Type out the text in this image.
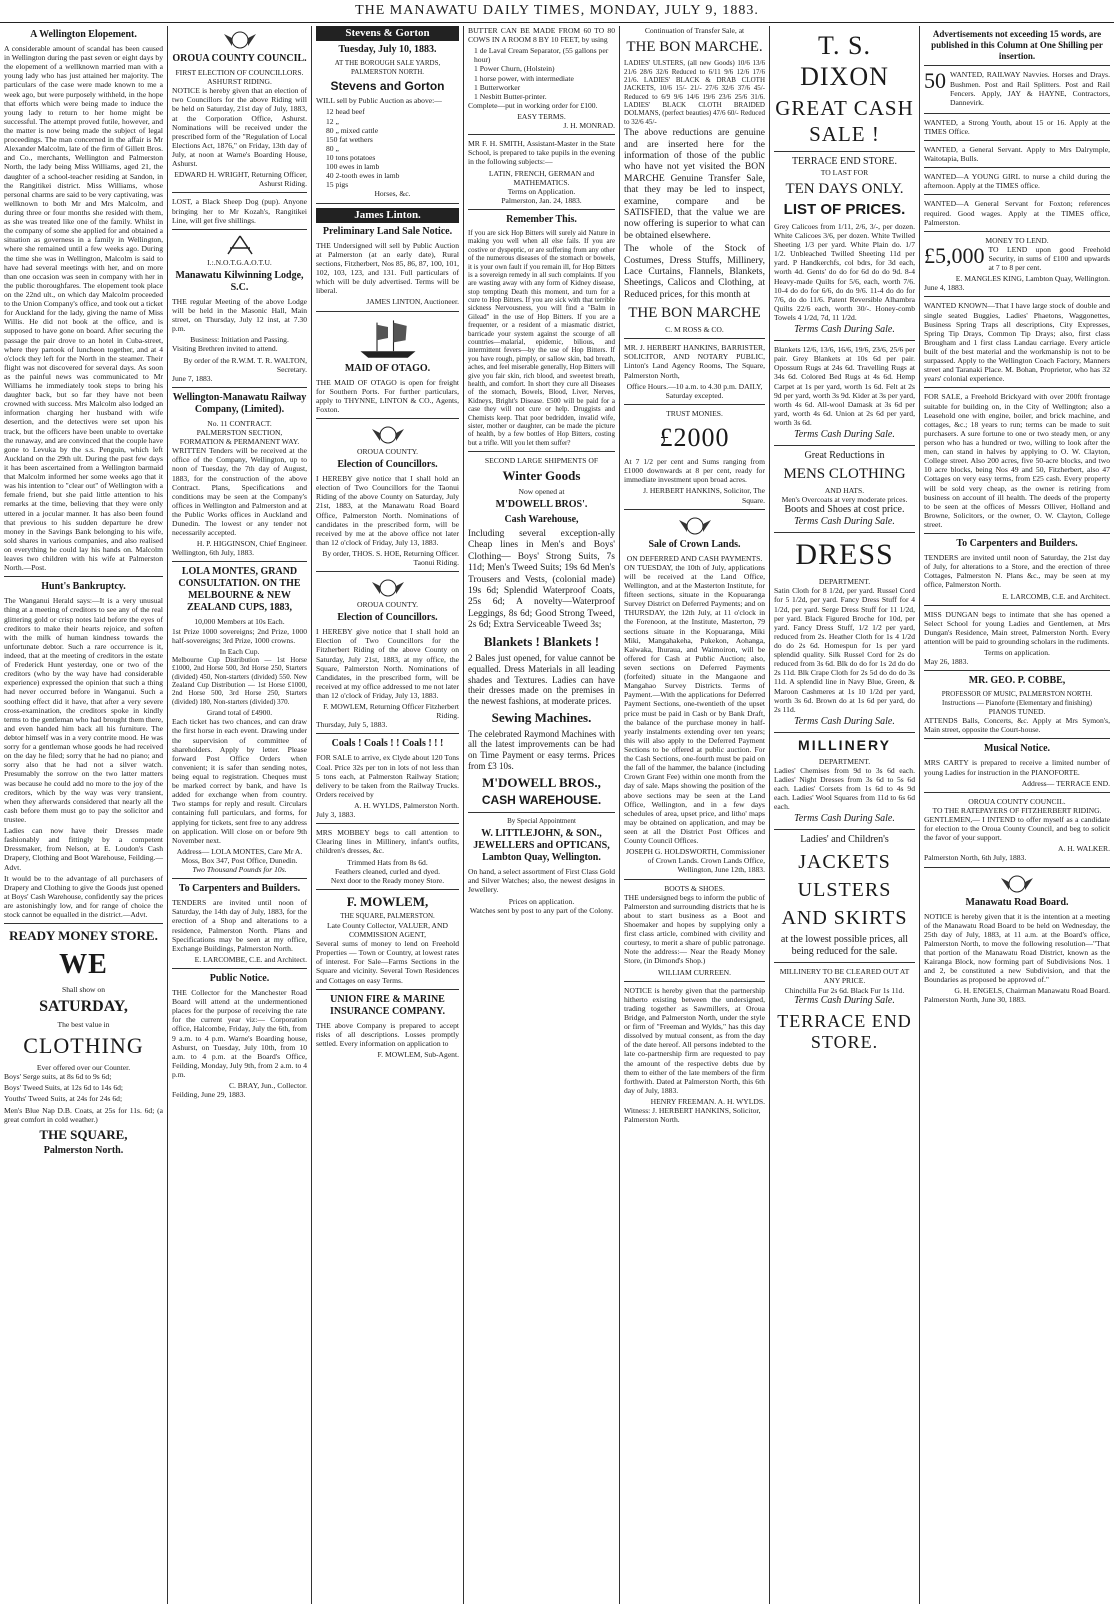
THE MANAWATU DAILY TIMES, MONDAY, JULY 9, 1883.
A Wellington Elopement.
A considerable amount of scandal has been caused in Wellington during the past seven or eight days by the elopement of a wellknown married man with a young lady who has just attained her majority. The particulars of the case were made known to me a week ago, but were purposely withheld, in the hope that efforts which were being made to induce the young lady to return to her home might be successful. The attempt proved futile, however, and the matter is now being made the subject of legal proceedings. The man concerned in the affair is Mr Alexander Malcolm, late of the firm of Gillett Bros. and Co., merchants, Wellington and Palmerston North, the lady being Miss Williams, aged 21, the daughter of a school-teacher residing at Sandon, in the Rangitikei district. Miss Williams, whose personal charms are said to be very captivating, was wellknown to both Mr and Mrs Malcolm, and during three or four months she resided with them, as she was treated like one of the family. Whilst in the company of some she applied for and obtained a situation as governess in a family in Wellington, where she remained until a few weeks ago. During the time she was in Wellington, Malcolm is said to have had several meetings with her, and on more than one occasion was seen in company with her in the public thoroughfares. The elopement took place on the 22nd ult., on which day Malcolm proceeded to the Union Company's office, and took out a ticket for Auckland for the lady, giving the name of Miss Willis. He did not book at the office, and is supposed to have gone on board. After securing the passage the pair drove to an hotel in Cuba-street, where they partook of luncheon together, and at 4 o'clock they left for the North in the steamer. Their flight was not discovered for several days. As soon as the painful news was communicated to Mr Williams he immediately took steps to bring his daughter back, but so far they have not been crowned with success. Mrs Malcolm also lodged an information charging her husband with wife desertion, and the detectives were set upon his track, but the officers have been unable to overtake the runaway, and are convinced that the couple have gone to Levuka by the s.s. Penguin, which left Auckland on the 29th ult. During the past few days it has been ascertained from a Wellington barmaid that Malcolm informed her some weeks ago that it was his intention to "clear out" of Wellington with a female friend, but she paid little attention to his remarks at the time, believing that they were only uttered in a jocular manner. It has also been found that previous to his sudden departure he drew money in the Savings Bank belonging to his wife, sold shares in various companies, and also realised on everything he could lay his hands on. Malcolm leaves two children with his wife at Palmerston North.—Post.
Hunt's Bankruptcy.
The Wanganui Herald says:—It is a very unusual thing at a meeting of creditors to see any of the real glittering gold or crisp notes laid before the eyes of creditors to make their hearts rejoice, and soften with the milk of human kindness towards the unfortunate debtor. Such a rare occurrence is it, indeed, that at the meeting of creditors in the estate of Frederick Hunt yesterday, one or two of the creditors (who by the way have had considerable experience) expressed the opinion that such a thing had never occurred before in Wanganui. Such a soothing effect did it have, that after a very severe cross-examination, the creditors spoke in kindly terms to the gentleman who had brought them there, and even handed him back all his furniture. The debtor himself was in a very contrite mood. He was sorry for a gentleman whose goods he had received on the day he filed; sorry that he had no piano; and sorry also that he had not a silver watch. Presumably the sorrow on the two latter matters was because he could add no more to the joy of the creditors, which by the way was very transient, when they afterwards considered that nearly all the cash before them must go to pay the solicitor and trustee.
Ladies can now have their Dresses made fashionably and fittingly by a competent Dressmaker, from Nelson, at E. Loudon's Cash Drapery, Clothing and Boot Warehouse, Feilding.—Advt.
It would be to the advantage of all purchasers of Drapery and Clothing to give the Goods just opened at Boys' Cash Warehouse, confidently say the prices are astonishingly low, and for range of choice the stock cannot be equalled in the district.—Advt.
READY MONEY STORE.
WE
Shall show on
SATURDAY,
The best value in
CLOTHING
Ever offered over our Counter.
Boys' Serge suits, at 8s 6d to 9s 6d;
Boys' Tweed Suits, at 12s 6d to 14s 6d;
Youths' Tweed Suits, at 24s for 24s 6d;
Men's Blue Nap D.B. Coats, at 25s for 11s. 6d; (a great comfort in cold weather.)
THE SQUARE,
Palmerston North.
OROUA COUNTY COUNCIL.
FIRST ELECTION OF COUNCILLORS.
ASHURST RIDING.
NOTICE is hereby given that an election of two Councillors for the above Riding will be held on Saturday, 21st day of July, 1883, at the Corporation Office, Ashurst. Nominations will be received under the prescribed form of the "Regulation of Local Elections Act, 1876," on Friday, 13th day of July, at noon at Warne's Boarding House, Ashurst.
EDWARD H. WRIGHT, Returning Officer, Ashurst Riding.
LOST, a Black Sheep Dog (pup). Anyone bringing her to Mr Kozah's, Rangitikei Line, will get five shillings.
I.:.N.O.T.G.A.O.T.U.
Manawatu Kilwinning Lodge, S.C.
THE regular Meeting of the above Lodge will be held in the Masonic Hall, Main street, on Thursday, July 12 inst, at 7.30 p.m.
Business: Initiation and Passing.
Visiting Brethren invited to attend.
By order of the R.W.M. T. R. WALTON, Secretary.
June 7, 1883.
Wellington-Manawatu Railway Company, (Limited).
No. 11 CONTRACT.
PALMERSTON SECTION,
FORMATION & PERMANENT WAY.
WRITTEN Tenders will be received at the office of the Company, Wellington, up to noon of Tuesday, the 7th day of August, 1883, for the construction of the above Contract. Plans, Specifications and conditions may be seen at the Company's offices in Wellington and Palmerston and at the Public Works offices in Auckland and Dunedin. The lowest or any tender not necessarily accepted.
H. P. HIGGINSON, Chief Engineer.
Wellington, 6th July, 1883.
LOLA MONTES, GRAND CONSULTATION. ON THE MELBOURNE & NEW ZEALAND CUPS, 1883,
10,000 Members at 10s Each.
1st Prize 1000 sovereigns; 2nd Prize, 1000 half-sovereigns; 3rd Prize, 1000 crowns.
In Each Cup.
Melbourne Cup Distribution — 1st Horse £1000, 2nd Horse 500, 3rd Horse 250, Starters (divided) 450, Non-starters (divided) 550. New Zealand Cup Distribution — 1st Horse £1000, 2nd Horse 500, 3rd Horse 250, Starters (divided) 180, Non-starters (divided) 370.
Grand total of £4900.
Each ticket has two chances, and can draw the first horse in each event. Drawing under the supervision of committee of shareholders. Apply by letter. Please forward Post Office Orders when convenient; it is safer than sending notes, being equal to registration. Cheques must be marked correct by bank, and have 1s added for exchange when from country. Two stamps for reply and result. Circulars containing full particulars, and forms, for applying for tickets, sent free to any address on application. Will close on or before 9th November next.
Address— LOLA MONTES, Care Mr A. Moss, Box 347, Post Office, Dunedin.
Two Thousand Pounds for 10s.
To Carpenters and Builders.
TENDERS are invited until noon of Saturday, the 14th day of July, 1883, for the erection of a Shop and alterations to a residence, Palmerston North. Plans and Specifications may be seen at my office, Exchange Buildings, Palmerston North.
E. LARCOMBE, C.E. and Architect.
Public Notice.
THE Collector for the Manchester Road Board will attend at the undermentioned places for the purpose of receiving the rate for the current year viz:— Corporation office, Halcombe, Friday, July the 6th, from 9 a.m. to 4 p.m. Warne's Boarding house, Ashurst, on Tuesday, July 10th, from 10 a.m. to 4 p.m. at the Board's Office, Feilding, Monday, July 9th, from 2 a.m. to 4 p.m.
C. BRAY, Jun., Collector.
Feilding, June 29, 1883.
Stevens & Gorton
Tuesday, July 10, 1883.
AT THE BOROUGH SALE YARDS, PALMERSTON NORTH.
Stevens and Gorton
WILL sell by Public Auction as above:—
12 head beef
12 „
80 „ mixed cattle
150 fat wethers
80 „
10 tons potatoes
100 ewes in lamb
40 2-tooth ewes in lamb
15 pigs
Horses, &c.
James Linton.
Preliminary Land Sale Notice.
THE Undersigned will sell by Public Auction at Palmerston (at an early date), Rural sections, Fitzherbert, Nos 85, 86, 87, 100, 101, 102, 103, 123, and 131. Full particulars of which will be duly advertised. Terms will be liberal.
JAMES LINTON, Auctioneer.
MAID OF OTAGO.
THE MAID OF OTAGO is open for freight for Southern Ports. For further particulars, apply to THYNNE, LINTON & CO., Agents, Foxton.
OROUA COUNTY.
Election of Councillors.
I HEREBY give notice that I shall hold an election of Two Councillors for the Taonui Riding of the above County on Saturday, July 21st, 1883, at the Manawatu Road Board Office, Palmerston North. Nominations of candidates in the prescribed form, will be received by me at the above office not later than 12 o'clock of Friday, July 13, 1883.
By order, THOS. S. HOE, Returning Officer. Taonui Riding.
OROUA COUNTY.
Election of Councillors.
I HEREBY give notice that I shall hold an Election of Two Councillors for the Fitzherbert Riding of the above County on Saturday, July 21st, 1883, at my office, the Square, Palmerston North. Nominations of Candidates, in the prescribed form, will be received at my office addressed to me not later than 12 o'clock of Friday, July 13, 1883.
F. MOWLEM, Returning Officer Fitzherbert Riding.
Thursday, July 5, 1883.
Coals ! Coals ! ! Coals ! ! !
FOR SALE to arrive, ex Clyde about 120 Tons Coal. Price 32s per ton in lots of not less than 5 tons each, at Palmerston Railway Station; delivery to be taken from the Railway Trucks. Orders received by
A. H. WYLDS, Palmerston North.
July 3, 1883.
MRS MOBBEY begs to call attention to Clearing lines in Millinery, infant's outfits, children's dresses, &c.
Trimmed Hats from 8s 6d.
Feathers cleaned, curled and dyed.
Next door to the Ready money Store.
F. MOWLEM,
THE SQUARE, PALMERSTON.
Late County Collector, VALUER, AND COMMISSION AGENT,
Several sums of money to lend on Freehold Properties — Town or Country, at lowest rates of interest. For Sale—Farms Sections in the Square and vicinity. Several Town Residences and Cottages on easy Terms.
UNION FIRE & MARINE INSURANCE COMPANY.
THE above Company is prepared to accept risks of all descriptions. Losses promptly settled. Every information on application to
F. MOWLEM, Sub-Agent.
BUTTER CAN BE MADE FROM 60 TO 80 COWS IN A ROOM 8 BY 10 FEET, by using
1 de Laval Cream Separator, (55 gallons per hour)
1 Power Churn, (Holstein)
1 horse power, with intermediate
1 Butterworker
1 Nesbitt Butter-printer.
Complete—put in working order for £100.
EASY TERMS.
J. H. MONRAD.
MR F. H. SMITH, Assistant-Master in the State School, is prepared to take pupils in the evening in the following subjects:—
LATIN, FRENCH, GERMAN and MATHEMATICS.
Terms on Application.
Palmerston, Jan. 24, 1883.
Remember This.
If you are sick Hop Bitters will surely aid Nature in making you well when all else fails. If you are costive or dyspeptic, or are suffering from any other of the numerous diseases of the stomach or bowels, it is your own fault if you remain ill, for Hop Bitters is a sovereign remedy in all such complaints. If you are wasting away with any form of Kidney disease, stop tempting Death this moment, and turn for a cure to Hop Bitters. If you are sick with that terrible sickness Nervousness, you will find a "Balm in Gilead" in the use of Hop Bitters. If you are a frequenter, or a resident of a miasmatic district, barricade your system against the scourge of all countries—malarial, epidemic, bilious, and intermittent fevers—by the use of Hop Bitters. If you have rough, pimply, or sallow skin, bad breath, aches, and feel miserable generally, Hop Bitters will give you fair skin, rich blood, and sweetest breath, health, and comfort. In short they cure all Diseases of the stomach, Bowels, Blood, Liver, Nerves, Kidneys, Bright's Disease. £500 will be paid for a case they will not cure or help. Druggists and Chemists keep. That poor bedridden, invalid wife, sister, mother or daughter, can be made the picture of health, by a few bottles of Hop Bitters, costing but a trifle. Will you let them suffer?
SECOND LARGE SHIPMENTS OF
Winter Goods
Now opened at
M'DOWELL BROS'.
Cash Warehouse,
Including several exception-ally Cheap lines in Men's and Boys' Clothing— Boys' Strong Suits, 7s 11d; Men's Tweed Suits; 19s 6d Men's Trousers and Vests, (colonial made) 19s 6d; Splendid Waterproof Coats, 25s 6d; A novelty—Waterproof Leggings, 8s 6d; Good Strong Tweed, 2s 6d; Extra Serviceable Tweed 3s;
Blankets ! Blankets !
2 Bales just opened, for value cannot be equalled. Dress Materials in all leading shades and Textures. Ladies can have their dresses made on the premises in the newest fashions, at moderate prices.
Sewing Machines.
The celebrated Raymond Machines with all the latest improvements can be had on Time Payment or easy terms. Prices from £3 10s.
M'DOWELL BROS.,
CASH WAREHOUSE.
By Special Appointment
W. LITTLEJOHN, & SON., JEWELLERS and OPTICANS, Lambton Quay, Wellington.
On hand, a select assortment of First Class Gold and Silver Watches; also, the newest designs in Jewellery.
Prices on application.
Watches sent by post to any part of the Colony.
Continuation of Transfer Sale, at
THE BON MARCHE.
LADIES' ULSTERS, (all new Goods) 10/6 13/6 21/6 28/6 32/6 Reduced to 6/11 9/6 12/6 17/6 21/6. LADIES' BLACK & DRAB CLOTH JACKETS, 10/6 15/- 21/- 27/6 32/6 37/6 45/- Reduced to 6/9 9/6 14/6 19/6 23/6 25/6 31/6. LADIES' BLACK CLOTH BRAIDED DOLMANS, (perfect beauties) 47/6 60/- Reduced to 32/6 45/-
The above reductions are genuine and are inserted here for the information of those of the public who have not yet visited the BON MARCHE Genuine Transfer Sale, that they may be led to inspect, examine, compare and be SATISFIED, that the value we are now offering is superior to what can be obtained elsewhere.
The whole of the Stock of Costumes, Dress Stuffs, Millinery, Lace Curtains, Flannels, Blankets, Sheetings, Calicos and Clothing, at Reduced prices, for this month at
THE BON MARCHE
C. M ROSS & CO.
MR. J. HERBERT HANKINS, BARRISTER, SOLICITOR, AND NOTARY PUBLIC, Linton's Land Agency Rooms, The Square, Palmerston North,
Office Hours.—10 a.m. to 4.30 p.m. DAILY, Saturday excepted.
TRUST MONIES.
£2000
At 7 1/2 per cent and Sums ranging from £1000 downwards at 8 per cent, ready for immediate investment upon broad acres.
J. HERBERT HANKINS, Solicitor, The Square.
Sale of Crown Lands.
ON DEFERRED AND CASH PAYMENTS.
ON TUESDAY, the 10th of July, applications will be received at the Land Office, Wellington, and at the Masterton Institute, for fifteen sections, situate in the Kopuaranga Survey District on Deferred Payments; and on THURSDAY, the 12th July, at 11 o'clock in the Forenoon, at the Institute, Masterton, 79 sections situate in the Kopuaranga, Miki Miki, Mangahakeha, Pukekon, Aohanga, Kaiwaka, Ihuraua, and Waimoiron, will be offered for Cash at Public Auction; also, seven sections on Deferred Payments (forfeited) situate in the Mangaone and Mangahao Survey Districts. Terms of Payment.—With the applications for Deferred Payment Sections, one-twentieth of the upset price must be paid in Cash or by Bank Draft, the balance of the purchase money in half-yearly instalments extending over ten years; this will also apply to the Deferred Payment Sections to be offered at public auction. For the Cash Sections, one-fourth must be paid on the fall of the hammer, the balance (including Crown Grant Fee) within one month from the day of sale. Maps showing the position of the above sections may be seen at the Land Office, Wellington, and in a few days schedules of area, upset price, and litho' maps may be obtained on application, and may be seen at all the District Post Offices and County Council Offices.
JOSEPH G. HOLDSWORTH, Commissioner of Crown Lands. Crown Lands Office, Wellington, June 12th, 1883.
BOOTS & SHOES.
THE undersigned begs to inform the public of Palmerston and surrounding districts that he is about to start business as a Boot and Shoemaker and hopes by supplying only a first class article, combined with civility and courtesy, to merit a share of public patronage. Note the address:— Near the Ready Money Store, (in Dimond's Shop.)
WILLIAM CURREEN.
NOTICE is hereby given that the partnership hitherto existing between the undersigned, trading together as Sawmillers, at Oroua Bridge, and Palmerston North, under the style or firm of "Freeman and Wylds," has this day dissolved by mutual consent, as from the day of the date hereof. All persons indebted to the late co-partnership firm are requested to pay the amount of the respective debts due by them to either of the late members of the firm forthwith. Dated at Palmerston North, this 6th day of July, 1883.
HENRY FREEMAN. A. H. WYLDS.
Witness: J. HERBERT HANKINS, Solicitor, Palmerston North.
T. S. DIXON
GREAT CASH SALE !
TERRACE END STORE.
TO LAST FOR
TEN DAYS ONLY.
LIST OF PRICES.
Grey Calicoes from 1/11, 2/6, 3/-, per dozen. White Calicoes 3/6, per dozen. White Twilled Sheeting 1/3 per yard. White Plain do. 1/7 1/2. Unbleached Twilled Sheeting 11d per yard. P Handkerchfs, col bdrs, for 3d each, worth 4d. Gents' do do for 6d do do 9d. 8-4 Heavy-made Quilts for 5/6, each, worth 7/6. 10-4 do do for 6/6, do do 9/6. 11-4 do do for 7/6, do do 11/6. Patent Reversible Alhambra Quilts 22/6 each, worth 30/-. Honey-comb Towels 4 1/2d, 7d, 11 1/2d.
Terms Cash During Sale.
Blankets 12/6, 13/6, 16/6, 19/6, 23/6, 25/6 per pair. Grey Blankets at 10s 6d per pair. Opossum Rugs at 24s 6d. Travelling Rugs at 34s 6d. Colored Bed Rugs at 4s 6d. Hemp Carpet at 1s per yard, worth 1s 6d. Felt at 2s 9d per yard, worth 3s 9d. Kider at 3s per yard, worth 4s 6d. All-wool Damask at 3s 6d per yard, worth 4s 6d. Union at 2s 6d per yard, worth 3s 6d.
Terms Cash During Sale.
Great Reductions in
MENS CLOTHING
AND HATS.
Men's Overcoats at very moderate prices.
Boots and Shoes at cost price.
Terms Cash During Sale.
DRESS
DEPARTMENT.
Satin Cloth for 8 1/2d, per yard. Russel Cord for 5 1/2d, per yard. Fancy Dress Stuff for 4 1/2d, per yard. Serge Dress Stuff for 11 1/2d, per yard. Black Figured Broche for 10d, per yard. Fancy Dress Stuff, 1/2 1/2 per yard, reduced from 2s. Heather Cloth for 1s 4 1/2d do do 2s 6d. Homespun for 1s per yard splendid quality. Silk Russel Cord for 2s do reduced from 3s 6d. Blk do do for 1s 2d do do 2s 11d. Blk Crape Cloth for 2s 5d do do do 3s 11d. A splendid line in Navy Blue, Green, & Maroon Cashmeres at 1s 10 1/2d per yard, worth 3s 6d. Brown do at 1s 6d per yard, do 2s 11d.
Terms Cash During Sale.
MILLINERY
DEPARTMENT.
Ladies' Chemises from 9d to 3s 6d each. Ladies' Night Dresses from 3s 6d to 5s 6d each. Ladies' Corsets from 1s 6d to 4s 9d each. Ladies' Wool Squares from 11d to 6s 6d each.
Terms Cash During Sale.
Ladies' and Children's
JACKETS
ULSTERS
AND SKIRTS
at the lowest possible prices, all being reduced for the sale.
MILLINERY TO BE CLEARED OUT AT ANY PRICE.
Chinchilla Fur 2s 6d. Black Fur 1s 11d.
Terms Cash During Sale.
TERRACE END STORE.
Advertisements not exceeding 15 words, are published in this Column at One Shilling per insertion.
50 WANTED, RAILWAY Navvies. Horses and Drays. Bushmen. Post and Rail Splitters. Post and Rail Fencers. Apply, JAY & HAYNE, Contractors, Dannevirk.
WANTED, a Strong Youth, about 15 or 16. Apply at the TIMES Office.
WANTED, a General Servant. Apply to Mrs Dalrymple, Waitotapia, Bulls.
WANTED—A YOUNG GIRL to nurse a child during the afternoon. Apply at the TIMES office.
WANTED—A General Servant for Foxton; references required. Good wages. Apply at the TIMES office, Palmerston.
MONEY TO LEND.
£5,000 TO LEND upon good Freehold Security, in sums of £100 and upwards at 7 to 8 per cent.
E. MANGLES KING, Lambton Quay, Wellington.
June 4, 1883.
WANTED KNOWN—That I have large stock of double and single seated Buggies, Ladies' Phaetons, Waggonettes, Business Spring Traps all descriptions, City Expresses, Spring Tip Drays, Common Tip Drays; also, first class Brougham and 1 first class Landau carriage. Every article built of the best material and the workmanship is not to be surpassed. Apply to the Wellington Coach Factory, Manners street and Taranaki Place. M. Bohan, Proprietor, who has 32 years' colonial experience.
FOR SALE, a Freehold Brickyard with over 200ft frontage suitable for building on, in the City of Wellington; also a Leasehold one with engine, boiler, and brick machine, and cottages, &c.; 18 years to run; terms can be made to suit purchasers. A sure fortune to one or two steady men, or any person who has a hundred or two, willing to look after the men, can stand in halves by applying to O. W. Clayton, College street. Also 200 acres, five 50-acre blocks, and two 10 acre blocks, being Nos 49 and 50, Fitzherbert, also 47 Cottages on very easy terms, from £25 cash. Every property will be sold very cheap, as the owner is retiring from business on account of ill health. The deeds of the property to be seen at the offices of Messrs Olliver, Holland and Browne, Solicitors, or the owner, O. W. Clayton, College street.
To Carpenters and Builders.
TENDERS are invited until noon of Saturday, the 21st day of July, for alterations to a Store, and the erection of three Cottages, Palmerston N. Plans &c., may be seen at my office, Palmerston North.
E. LARCOMB, C.E. and Architect.
MISS DUNGAN begs to intimate that she has opened a Select School for young Ladies and Gentlemen, at Mrs Dungan's Residence, Main street, Palmerston North. Every attention will be paid to grounding scholars in the rudiments.
Terms on application.
May 26, 1883.
MR. GEO. P. COBBE,
PROFESSOR OF MUSIC, PALMERSTON NORTH.
Instructions — Pianoforte (Elementary and finishing)
PIANOS TUNED.
ATTENDS Balls, Concerts, &c. Apply at Mrs Symon's, Main street, opposite the Court-house.
Musical Notice.
MRS CARTY is prepared to receive a limited number of young Ladies for instruction in the PIANOFORTE.
Address— TERRACE END.
OROUA COUNTY COUNCIL.
TO THE RATEPAYERS OF FITZHERBERT RIDING.
GENTLEMEN,— I INTEND to offer myself as a candidate for election to the Oroua County Council, and beg to solicit the favor of your support.
A. H. WALKER.
Palmerston North, 6th July, 1883.
Manawatu Road Board.
NOTICE is hereby given that it is the intention at a meeting of the Manawatu Road Board to be held on Wednesday, the 25th day of July, 1883, at 11 a.m. at the Board's office, Palmerston North, to move the following resolution—"That that portion of the Manawatu Road District, known as the Kairanga Block, now forming part of Subdivisions Nos. 1 and 2, be constituted a new Subdivision, and that the Boundaries as proposed be approved of."
G. H. ENGELS, Chairman Manawatu Road Board.
Palmerston North, June 30, 1883.
